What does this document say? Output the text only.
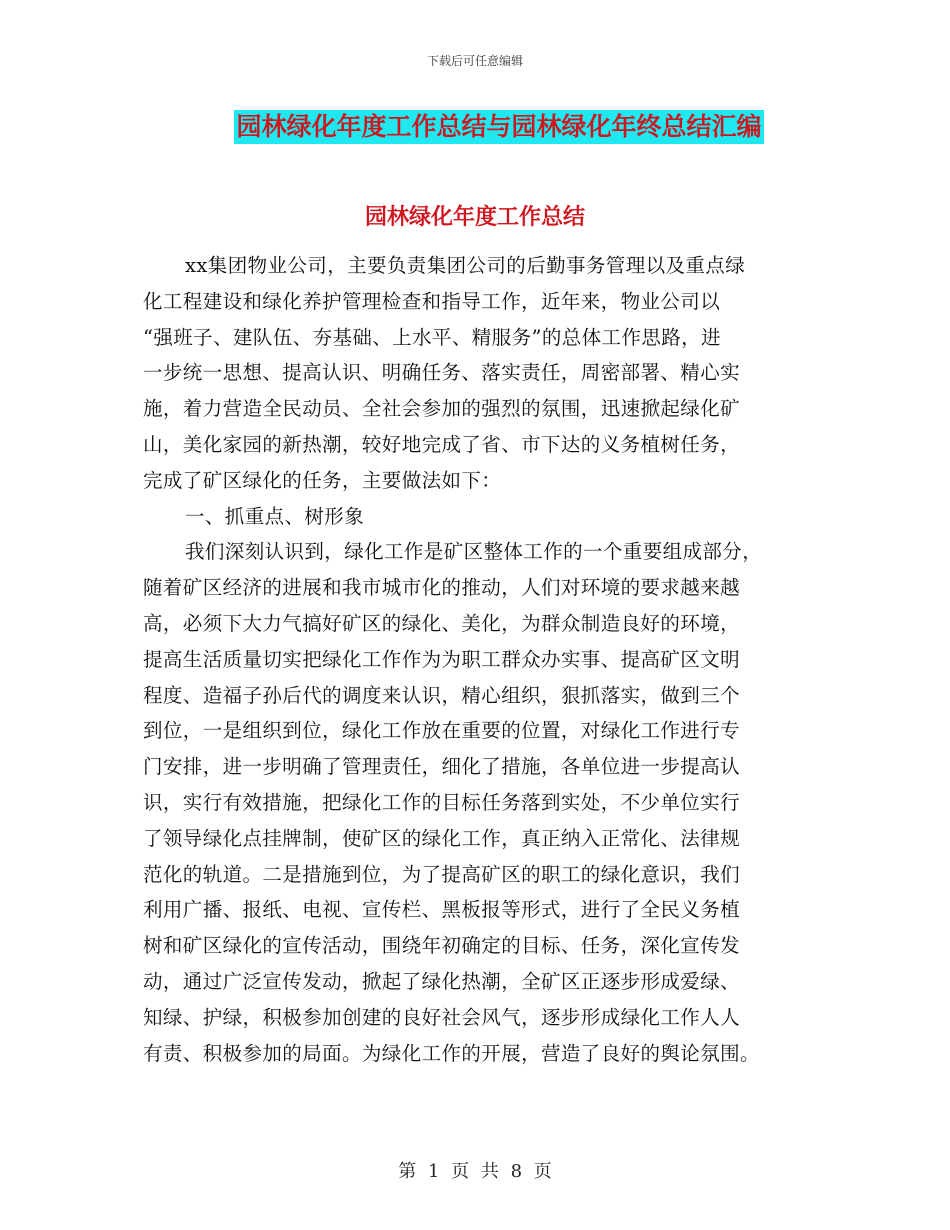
下载后可任意编辑
园林绿化年度工作总结与园林绿化年终总结汇编
园林绿化年度工作总结
xx集团物业公司，主要负责集团公司的后勤事务管理以及重点绿
化工程建设和绿化养护管理检查和指导工作，近年来，物业公司以
“强班子、建队伍、夯基础、上水平、精服务”的总体工作思路，进
一步统一思想、提高认识、明确任务、落实责任，周密部署、精心实
施，着力营造全民动员、全社会参加的强烈的氛围，迅速掀起绿化矿
山，美化家园的新热潮，较好地完成了省、市下达的义务植树任务，
完成了矿区绿化的任务，主要做法如下：
一、抓重点、树形象
我们深刻认识到，绿化工作是矿区整体工作的一个重要组成部分，
随着矿区经济的进展和我市城市化的推动，人们对环境的要求越来越
高，必须下大力气搞好矿区的绿化、美化，为群众制造良好的环境，
提高生活质量切实把绿化工作作为为职工群众办实事、提高矿区文明
程度、造福子孙后代的调度来认识，精心组织，狠抓落实，做到三个
到位，一是组织到位，绿化工作放在重要的位置，对绿化工作进行专
门安排，进一步明确了管理责任，细化了措施，各单位进一步提高认
识，实行有效措施，把绿化工作的目标任务落到实处，不少单位实行
了领导绿化点挂牌制，使矿区的绿化工作，真正纳入正常化、法律规
范化的轨道。二是措施到位，为了提高矿区的职工的绿化意识，我们
利用广播、报纸、电视、宣传栏、黑板报等形式，进行了全民义务植
树和矿区绿化的宣传活动，围绕年初确定的目标、任务，深化宣传发
动，通过广泛宣传发动，掀起了绿化热潮，全矿区正逐步形成爱绿、
知绿、护绿，积极参加创建的良好社会风气，逐步形成绿化工作人人
有责、积极参加的局面。为绿化工作的开展，营造了良好的舆论氛围。
第 1 页 共 8 页
